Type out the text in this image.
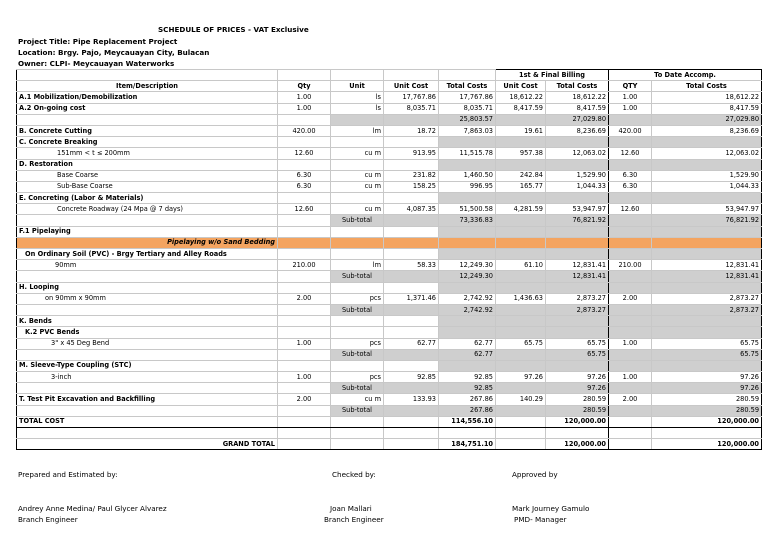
SCHEDULE OF PRICES - VAT Exclusive
Project Title: Pipe Replacement Project
Location: Brgy. Pajo, Meycauayan City, Bulacan
Owner: CLPI- Meycauayan Waterworks
					1st & Final Billing		To Date Accomp.	
Item/Description	Qty	Unit	Unit Cost	Total Costs	Unit Cost	Total Costs	QTY	Total Costs
A.1 Mobilization/Demobilization	1.00	ls	17,767.86	17,767.86	18,612.22	18,612.22	1.00	18,612.22
A.2 On-going cost	1.00	ls	8,035.71	8,035.71	8,417.59	8,417.59	1.00	8,417.59
				25,803.57		27,029.80		27,029.80
B. Concrete Cutting	420.00	lm	18.72	7,863.03	19.61	8,236.69	420.00	8,236.69
C. Concrete Breaking								
151mm < t ≤ 200mm	12.60	cu m	913.95	11,515.78	957.38	12,063.02	12.60	12,063.02
D. Restoration								
Base Coarse	6.30	cu m	231.82	1,460.50	242.84	1,529.90	6.30	1,529.90
Sub-Base Coarse	6.30	cu m	158.25	996.95	165.77	1,044.33	6.30	1,044.33
E. Concreting (Labor & Materials)								
Concrete Roadway (24 Mpa @ 7 days)	12.60	cu m	4,087.35	51,500.58	4,281.59	53,947.97	12.60	53,947.97
		Sub-total		73,336.83		76,821.92		76,821.92
F.1 Pipelaying								
Pipelaying w/o Sand Bedding								
On Ordinary Soil (PVC) - Brgy Tertiary and Alley Roads								
90mm	210.00	lm	58.33	12,249.30	61.10	12,831.41	210.00	12,831.41
		Sub-total		12,249.30		12,831.41		12,831.41
H. Looping								
on 90mm x 90mm	2.00	pcs	1,371.46	2,742.92	1,436.63	2,873.27	2.00	2,873.27
		Sub-total		2,742.92		2,873.27		2,873.27
K. Bends								
K.2 PVC Bends								
3" x 45 Deg Bend	1.00	pcs	62.77	62.77	65.75	65.75	1.00	65.75
		Sub-total		62.77		65.75		65.75
M. Sleeve-Type Coupling (STC)								
3-inch	1.00	pcs	92.85	92.85	97.26	97.26	1.00	97.26
		Sub-total		92.85		97.26		97.26
T. Test Pit Excavation and Backfilling	2.00	cu m	133.93	267.86	140.29	280.59	2.00	280.59
		Sub-total		267.86		280.59		280.59
TOTAL COST				114,556.10		120,000.00		120,000.00

GRAND TOTAL				184,751.10		120,000.00		120,000.00
Prepared and Estimated by:	Checked by:	Approved by
Andrey Anne Medina/ Paul Glycer Alvarez
Branch Engineer
Joan Mallari
Branch Engineer
Mark Journey Gamulo
PMD- Manager
